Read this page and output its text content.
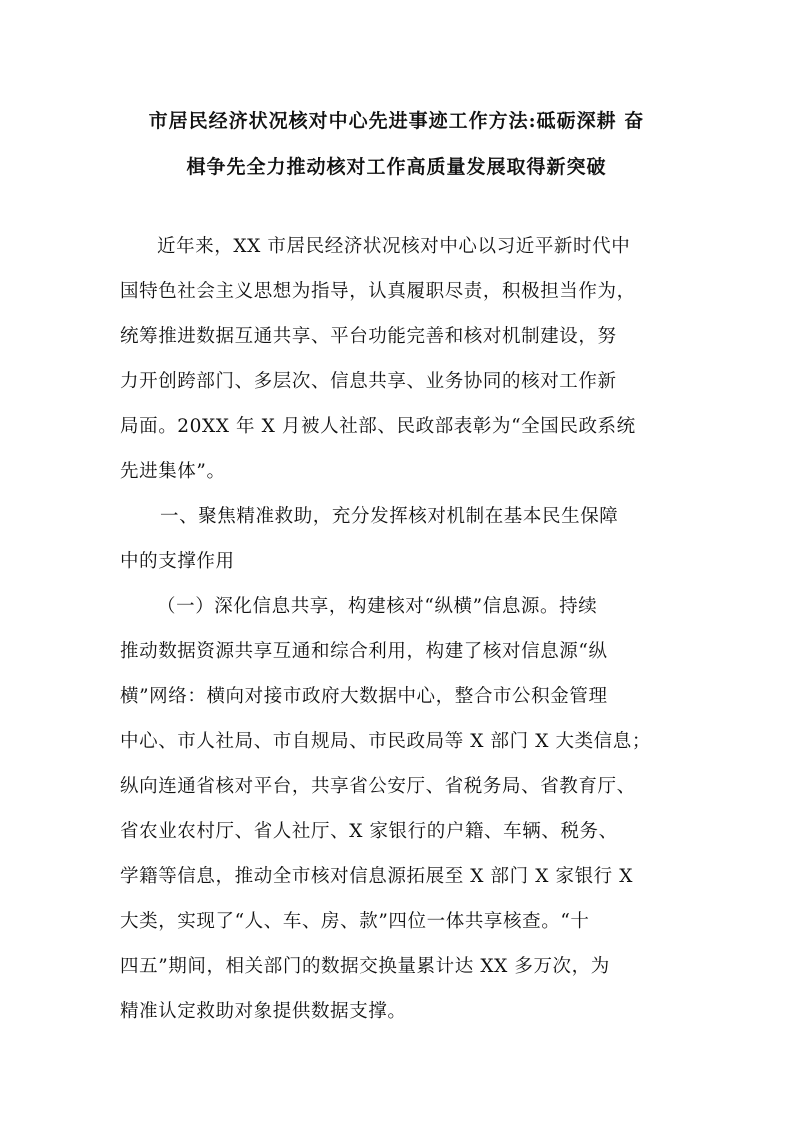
市居民经济状况核对中心先进事迹工作方法:砥砺深耕 奋
楫争先全力推动核对工作高质量发展取得新突破
近年来，XX 市居民经济状况核对中心以习近平新时代中
国特色社会主义思想为指导，认真履职尽责，积极担当作为，
统筹推进数据互通共享、平台功能完善和核对机制建设，努
力开创跨部门、多层次、信息共享、业务协同的核对工作新
局面。20XX 年 X 月被人社部、民政部表彰为“全国民政系统
先进集体”。
一、聚焦精准救助，充分发挥核对机制在基本民生保障
中的支撑作用
（一）深化信息共享，构建核对“纵横”信息源。持续
推动数据资源共享互通和综合利用，构建了核对信息源“纵
横”网络：横向对接市政府大数据中心，整合市公积金管理
中心、市人社局、市自规局、市民政局等 X 部门 X 大类信息；
纵向连通省核对平台，共享省公安厅、省税务局、省教育厅、
省农业农村厅、省人社厅、X 家银行的户籍、车辆、税务、
学籍等信息，推动全市核对信息源拓展至 X 部门 X 家银行 X
大类，实现了“人、车、房、款”四位一体共享核查。“十
四五”期间，相关部门的数据交换量累计达 XX 多万次，为
精准认定救助对象提供数据支撑。
